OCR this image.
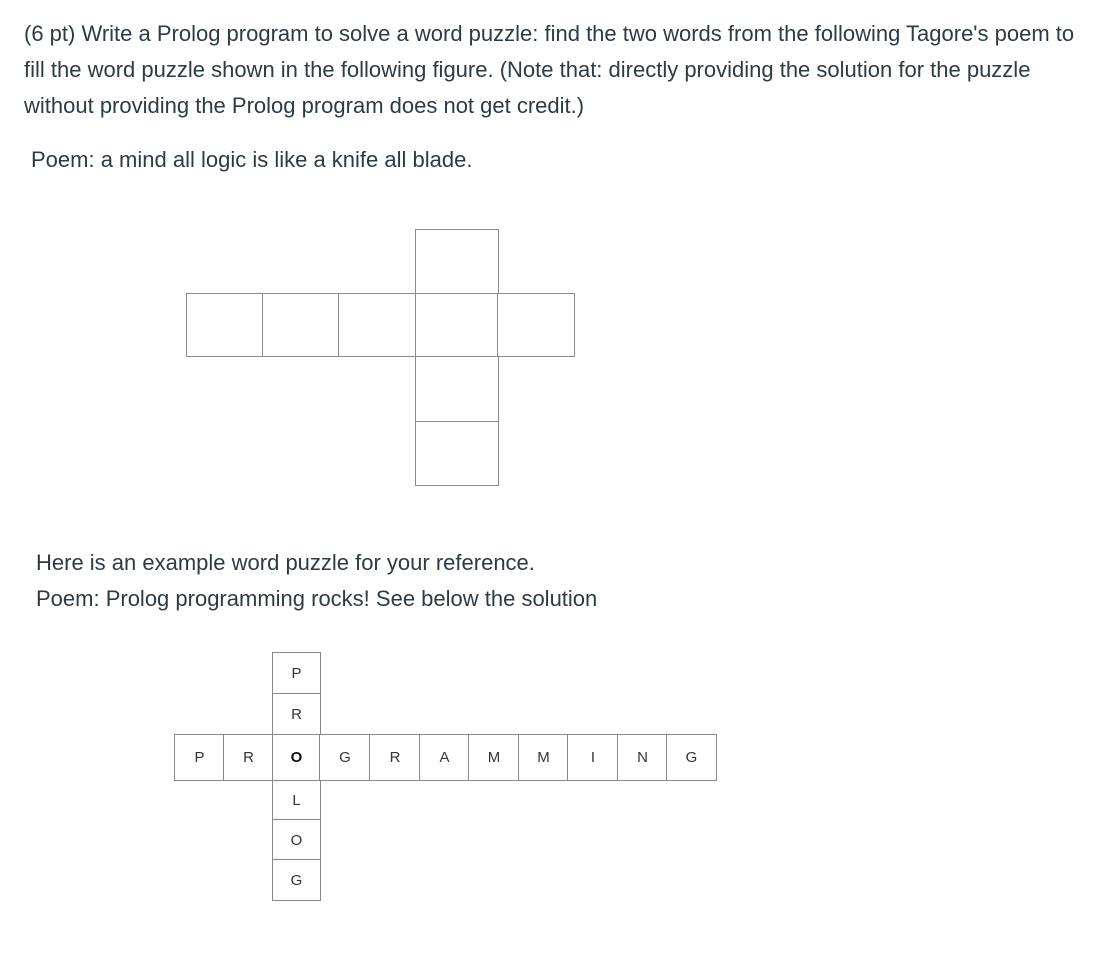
(6 pt) Write a Prolog program to solve a word puzzle: find the two words from the following Tagore's poem to fill the word puzzle shown in the following figure. (Note that: directly providing the solution for the puzzle without providing the Prolog program does not get credit.)

Poem: a mind all logic is like a knife all blade.

Here is an example word puzzle for your reference.

Poem: Prolog programming rocks! See below the solution

P
R
L
O
G
P	R	O	G	R	A	M	M	I	N	G
